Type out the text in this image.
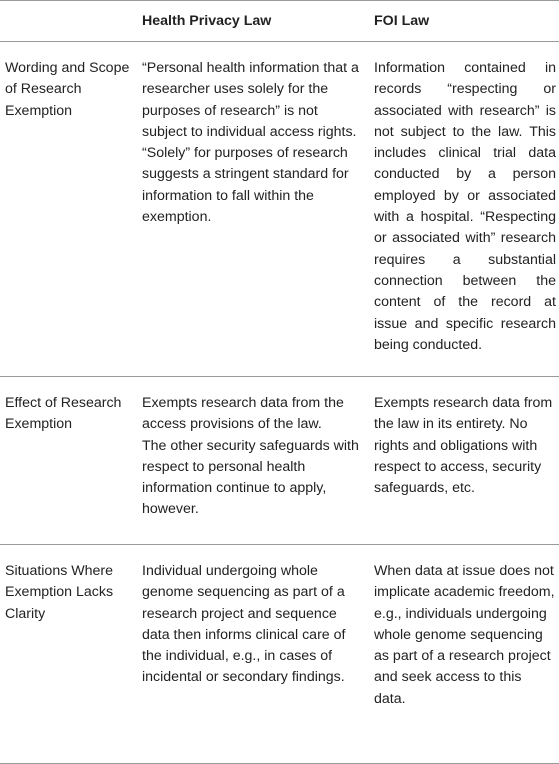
Health Privacy Law	FOI Law
Wording and Scope of Research Exemption

“Personal health information that a researcher uses solely for the purposes of research” is not subject to individual access rights.

“Solely” for purposes of research suggests a stringent standard for information to fall within the exemption.

Information contained in records “respecting or associated with research” is not subject to the law. This includes clinical trial data conducted by a person employed by or associated with a hospital. “Respecting or associated with” research requires a substantial connection between the content of the record at issue and specific research being conducted.

Effect of Research Exemption

Exempts research data from the access provisions of the law.

The other security safeguards with respect to personal health information continue to apply, however.

Exempts research data from the law in its entirety. No rights and obligations with respect to access, security safeguards, etc.

Situations Where Exemption Lacks Clarity

Individual undergoing whole genome sequencing as part of a research project and sequence data then informs clinical care of the individual, e.g., in cases of incidental or secondary findings.

When data at issue does not implicate academic freedom, e.g., individuals undergoing whole genome sequencing as part of a research project and seek access to this data.
